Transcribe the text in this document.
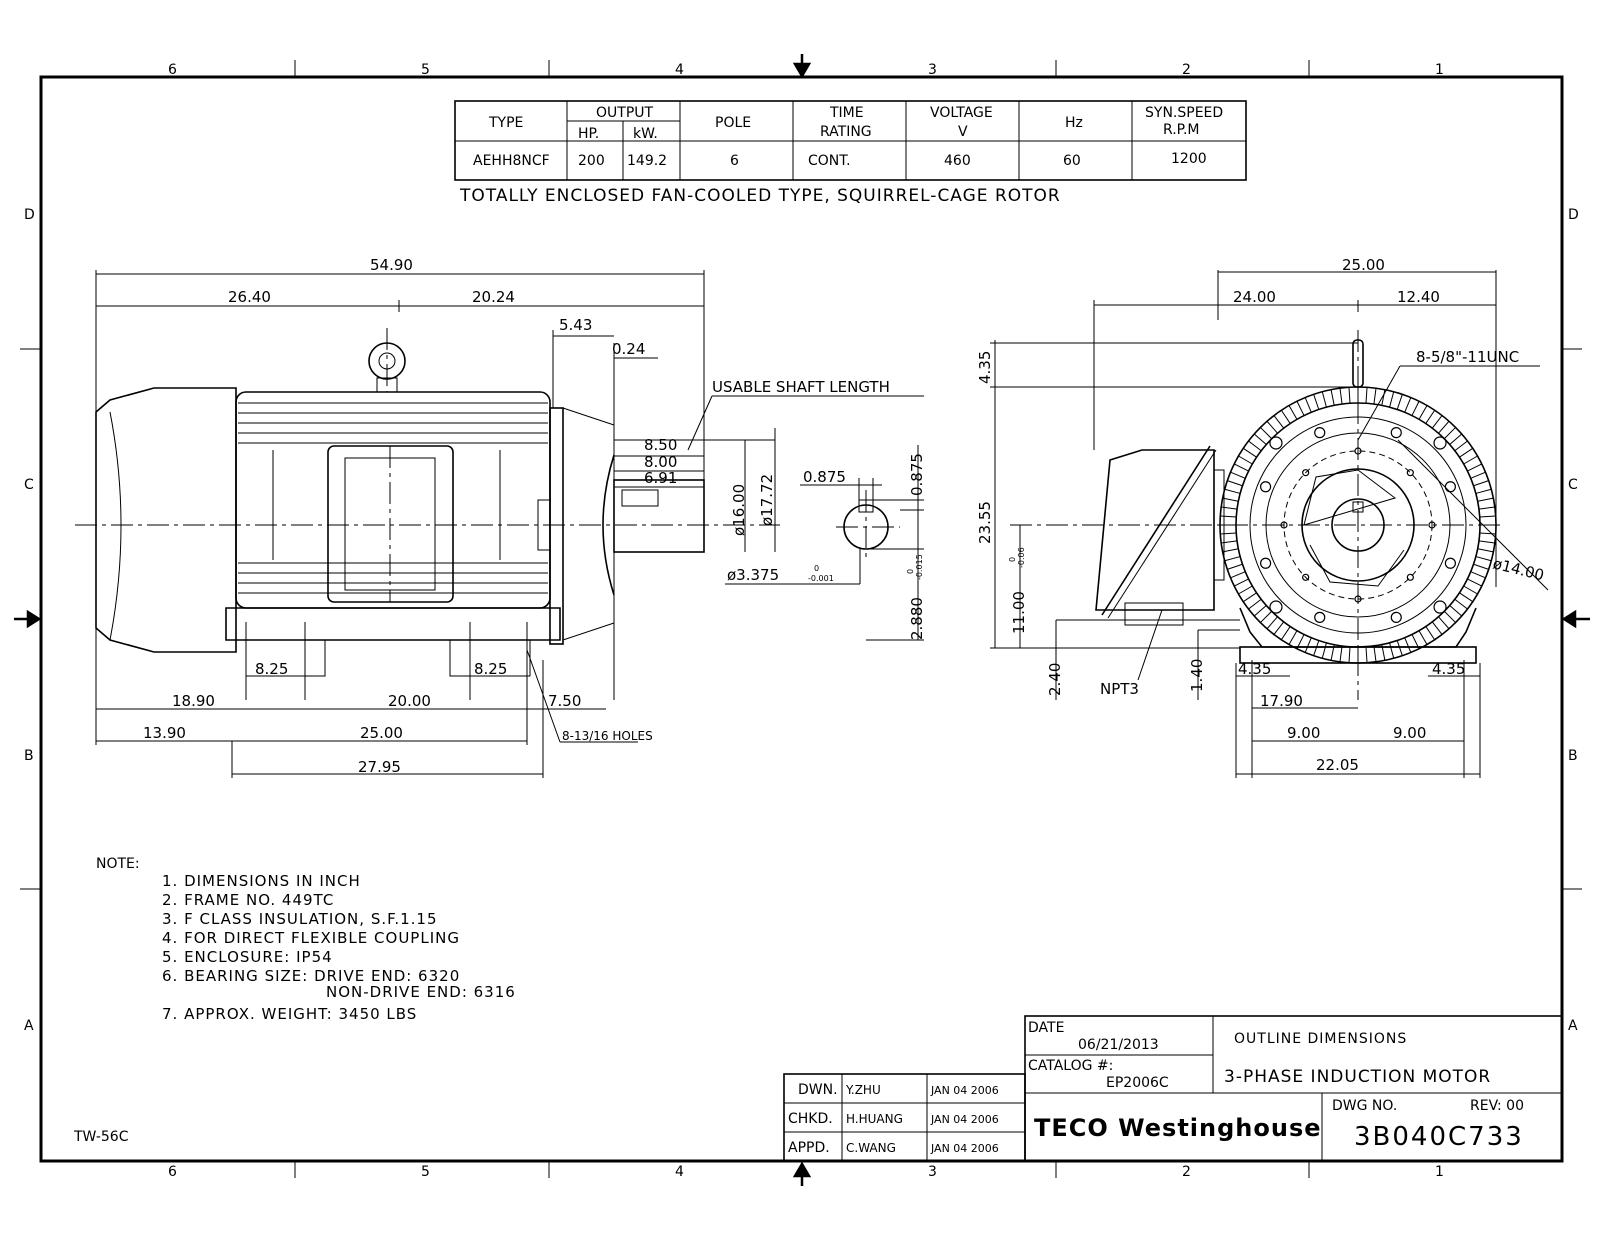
6	5	4	3	2	1
6	5	4	3	2	1
D
C
B
A
D
C
B
A
TYPE
OUTPUT
HP. kW.
POLE
TIME
RATING
VOLTAGE
V
Hz
SYN.SPEED
R.P.M
AEHH8NCF 200 149.2	6	CONT.	460	60	1200
TOTALLY ENCLOSED FAN-COOLED TYPE, SQUIRREL-CAGE ROTOR
54.90
26.40	20.24
5.43
0.24
USABLE SHAFT LENGTH
8.50
8.00
6.91
ø16.00 ø17.72
8.25	8.25
18.90	20.00	7.50
13.90	25.00
27.95
8-13/16 HOLES
0.875	0.875
ø3.375	0
-0.001
0 -0.015
2.880
25.00
24.00	12.40
4.35	8-5/8"-11UNC
23.55
0 -0.06	ø14.00
11.00
2.40 NPT3	1.40 4.35	4.35
17.90
9.00	9.00
22.05
NOTE:
1. DIMENSIONS IN INCH
2. FRAME NO. 449TC
3. F CLASS INSULATION, S.F.1.15
4. FOR DIRECT FLEXIBLE COUPLING
5. ENCLOSURE: IP54
6. BEARING SIZE: DRIVE END: 6320
NON-DRIVE END: 6316
7. APPROX. WEIGHT: 3450 LBS
TW-56C
DATE
06/21/2013
CATALOG #:
EP2006C
OUTLINE DIMENSIONS
3-PHASE INDUCTION MOTOR
TECO Westinghouse
DWG NO.	REV: 00
3B040C733
DWN. Y.ZHU	JAN 04 2006
CHKD. H.HUANG	JAN 04 2006
APPD. C.WANG	JAN 04 2006
